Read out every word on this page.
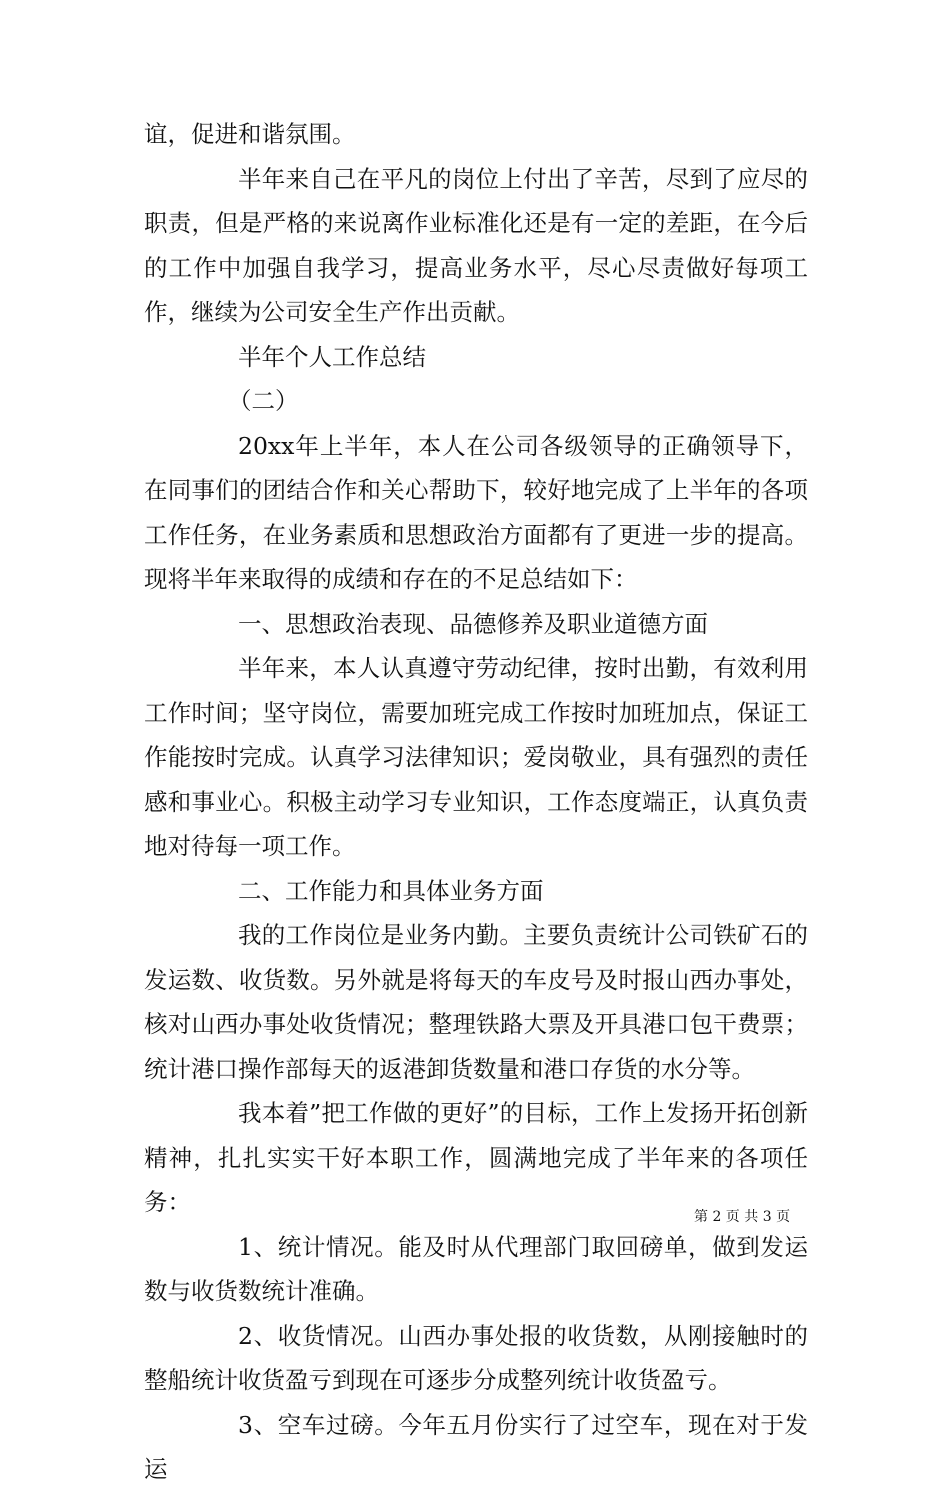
谊，促进和谐氛围。

半年来自己在平凡的岗位上付出了辛苦，尽到了应尽的职责，但是严格的来说离作业标准化还是有一定的差距，在今后的工作中加强自我学习，提高业务水平，尽心尽责做好每项工作，继续为公司安全生产作出贡献。

半年个人工作总结

（二）

20xx年上半年，本人在公司各级领导的正确领导下，在同事们的团结合作和关心帮助下，较好地完成了上半年的各项工作任务，在业务素质和思想政治方面都有了更进一步的提高。现将半年来取得的成绩和存在的不足总结如下：

一、思想政治表现、品德修养及职业道德方面

半年来，本人认真遵守劳动纪律，按时出勤，有效利用工作时间；坚守岗位，需要加班完成工作按时加班加点，保证工作能按时完成。认真学习法律知识；爱岗敬业，具有强烈的责任感和事业心。积极主动学习专业知识，工作态度端正，认真负责地对待每一项工作。

二、工作能力和具体业务方面

我的工作岗位是业务内勤。主要负责统计公司铁矿石的发运数、收货数。另外就是将每天的车皮号及时报山西办事处，核对山西办事处收货情况；整理铁路大票及开具港口包干费票；统计港口操作部每天的返港卸货数量和港口存货的水分等。

我本着”把工作做的更好”的目标，工作上发扬开拓创新精神，扎扎实实干好本职工作，圆满地完成了半年来的各项任务：

1、统计情况。能及时从代理部门取回磅单，做到发运数与收货数统计准确。

2、收货情况。山西办事处报的收货数，从刚接触时的整船统计收货盈亏到现在可逐步分成整列统计收货盈亏。

3、空车过磅。今年五月份实行了过空车，现在对于发运

第 2 页 共 3 页
